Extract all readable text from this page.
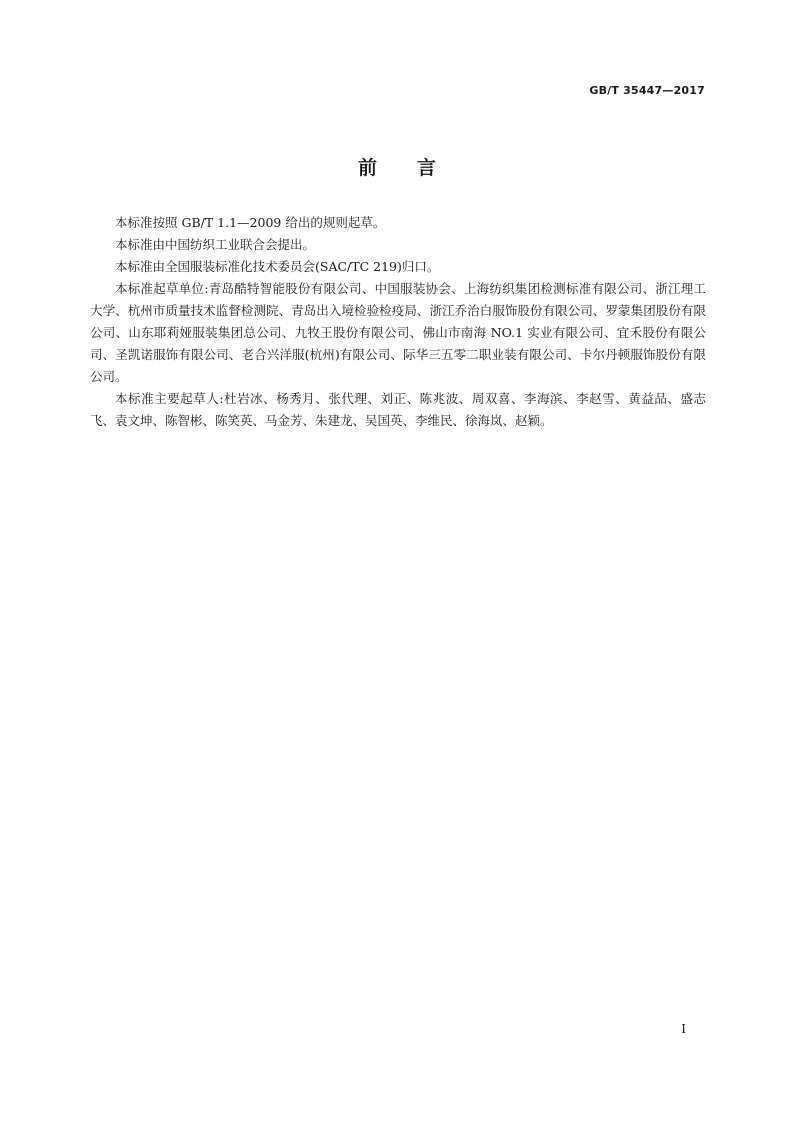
GB/T 35447—2017
前 言

本标准按照 GB/T 1.1—2009 给出的规则起草。

本标准由中国纺织工业联合会提出。

本标准由全国服装标准化技术委员会(SAC/TC 219)归口。

本标准起草单位:青岛酷特智能股份有限公司、中国服装协会、上海纺织集团检测标准有限公司、浙江理工大学、杭州市质量技术监督检测院、青岛出入境检验检疫局、浙江乔治白服饰股份有限公司、罗蒙集团股份有限公司、山东耶莉娅服装集团总公司、九牧王股份有限公司、佛山市南海 NO.1 实业有限公司、宜禾股份有限公司、圣凯诺服饰有限公司、老合兴洋服(杭州)有限公司、际华三五零二职业装有限公司、卡尔丹顿服饰股份有限公司。

本标准主要起草人:杜岩冰、杨秀月、张代理、刘正、陈兆波、周双喜、李海滨、李赵雪、黄益品、盛志飞、袁文坤、陈智彬、陈笑英、马金芳、朱建龙、吴国英、李维民、徐海岚、赵颖。

I
